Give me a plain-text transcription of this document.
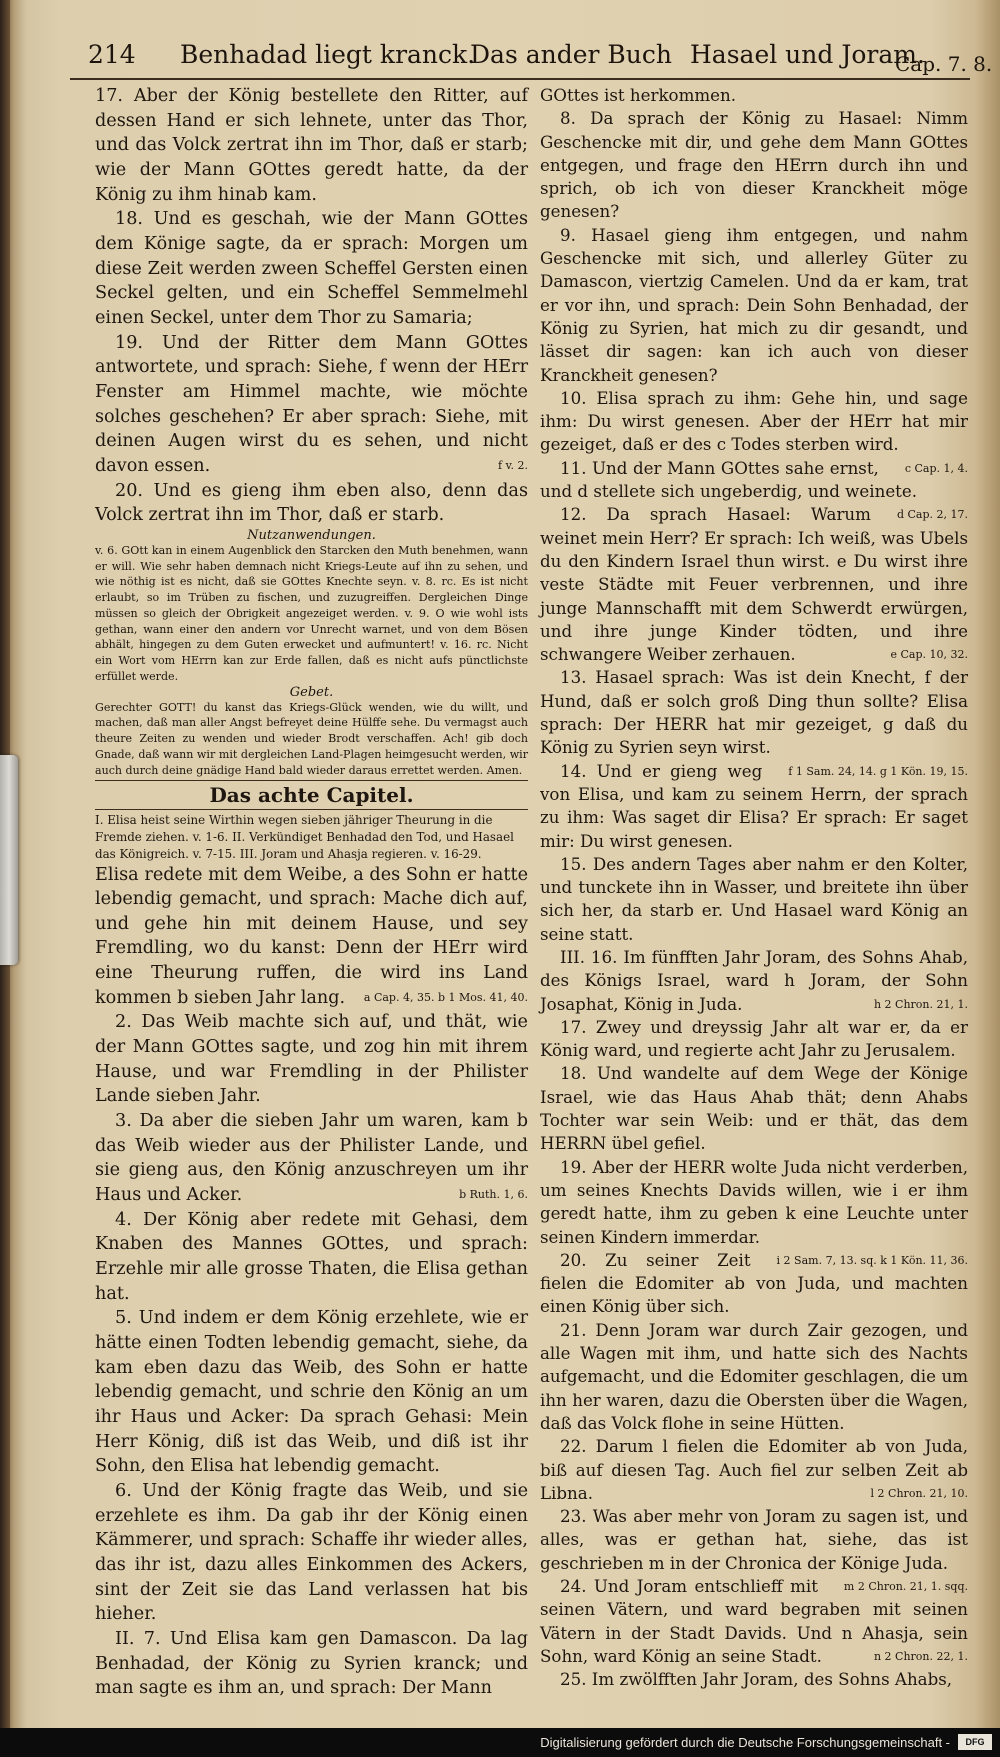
214 Benhadad liegt kranck.
Das ander Buch Hasael und Joram.
Cap. 7. 8.

17. Aber der König bestellete den Ritter, auf dessen Hand er sich lehnete, unter das Thor, und das Volck zertrat ihn im Thor, daß er starb; wie der Mann GOttes geredt hatte, da der König zu ihm hinab kam.

18. Und es geschah, wie der Mann GOttes dem Könige sagte, da er sprach: Morgen um diese Zeit werden zween Scheffel Gersten einen Seckel gelten, und ein Scheffel Semmelmehl einen Seckel, unter dem Thor zu Samaria;

19. Und der Ritter dem Mann GOttes antwortete, und sprach: Siehe, f wenn der HErr Fenster am Himmel machte, wie möchte solches geschehen? Er aber sprach: Siehe, mit deinen Augen wirst du es sehen, und nicht davon essen.	f v. 2.

20. Und es gieng ihm eben also, denn das Volck zertrat ihn im Thor, daß er starb.

Nutzanwendungen.

v. 6. GOtt kan in einem Augenblick den Starcken den Muth benehmen, wann er will. Wie sehr haben demnach nicht Kriegs-Leute auf ihn zu sehen, und wie nöthig ist es nicht, daß sie GOttes Knechte seyn. v. 8. rc. Es ist nicht erlaubt, so im Trüben zu fischen, und zuzugreiffen. Dergleichen Dinge müssen so gleich der Obrigkeit angezeiget werden. v. 9. O wie wohl ists gethan, wann einer den andern vor Unrecht warnet, und von dem Bösen abhält, hingegen zu dem Guten erwecket und aufmuntert! v. 16. rc. Nicht ein Wort vom HErrn kan zur Erde fallen, daß es nicht aufs pünctlichste erfüllet werde.

Gebet.

Gerechter GOTT! du kanst das Kriegs-Glück wenden, wie du willt, und machen, daß man aller Angst befreyet deine Hülffe sehe. Du vermagst auch theure Zeiten zu wenden und wieder Brodt verschaffen. Ach! gib doch Gnade, daß wann wir mit dergleichen Land-Plagen heimgesucht werden, wir auch durch deine gnädige Hand bald wieder daraus errettet werden. Amen.

Das achte Capitel.

I. Elisa heist seine Wirthin wegen sieben jähriger Theurung in die Fremde ziehen. v. 1-6. II. Verkündiget Benhadad den Tod, und Hasael das Königreich. v. 7-15. III. Joram und Ahasja regieren. v. 16-29.

Elisa redete mit dem Weibe, a des Sohn er hatte lebendig gemacht, und sprach: Mache dich auf, und gehe hin mit deinem Hause, und sey Fremdling, wo du kanst: Denn der HErr wird eine Theurung ruffen, die wird ins Land kommen b sieben Jahr lang. a Cap. 4, 35. b 1 Mos. 41, 40.

2. Das Weib machte sich auf, und thät, wie der Mann GOttes sagte, und zog hin mit ihrem Hause, und war Fremdling in der Philister Lande sieben Jahr.

3. Da aber die sieben Jahr um waren, kam b das Weib wieder aus der Philister Lande, und sie gieng aus, den König anzuschreyen um ihr Haus und Acker.	b Ruth. 1, 6.

4. Der König aber redete mit Gehasi, dem Knaben des Mannes GOttes, und sprach: Erzehle mir alle grosse Thaten, die Elisa gethan hat.

5. Und indem er dem König erzehlete, wie er hätte einen Todten lebendig gemacht, siehe, da kam eben dazu das Weib, des Sohn er hatte lebendig gemacht, und schrie den König an um ihr Haus und Acker: Da sprach Gehasi: Mein Herr König, diß ist das Weib, und diß ist ihr Sohn, den Elisa hat lebendig gemacht.

6. Und der König fragte das Weib, und sie erzehlete es ihm. Da gab ihr der König einen Kämmerer, und sprach: Schaffe ihr wieder alles, das ihr ist, dazu alles Einkommen des Ackers, sint der Zeit sie das Land verlassen hat bis hieher.

II. 7. Und Elisa kam gen Damascon. Da lag Benhadad, der König zu Syrien kranck; und man sagte es ihm an, und sprach: Der Mann

GOttes ist herkommen.

8. Da sprach der König zu Hasael: Nimm Geschencke mit dir, und gehe dem Mann GOttes entgegen, und frage den HErrn durch ihn und sprich, ob ich von dieser Kranckheit möge genesen?

9. Hasael gieng ihm entgegen, und nahm Geschencke mit sich, und allerley Güter zu Damascon, viertzig Camelen. Und da er kam, trat er vor ihn, und sprach: Dein Sohn Benhadad, der König zu Syrien, hat mich zu dir gesandt, und lässet dir sagen: kan ich auch von dieser Kranckheit genesen?

10. Elisa sprach zu ihm: Gehe hin, und sage ihm: Du wirst genesen. Aber der HErr hat mir gezeiget, daß er des c Todes sterben wird.
c Cap. 1, 4.

11. Und der Mann GOttes sahe ernst, und d stellete sich ungeberdig, und weinete.
d Cap. 2, 17.

12. Da sprach Hasael: Warum weinet mein Herr? Er sprach: Ich weiß, was Ubels du den Kindern Israel thun wirst. e Du wirst ihre veste Städte mit Feuer verbrennen, und ihre junge Mannschafft mit dem Schwerdt erwürgen, und ihre junge Kinder tödten, und ihre schwangere Weiber zerhauen.	e Cap. 10, 32.

13. Hasael sprach: Was ist dein Knecht, f der Hund, daß er solch groß Ding thun sollte? Elisa sprach: Der HERR hat mir gezeiget, g daß du König zu Syrien seyn wirst.
f 1 Sam. 24, 14. g 1 Kön. 19, 15.

14. Und er gieng weg von Elisa, und kam zu seinem Herrn, der sprach zu ihm: Was saget dir Elisa? Er sprach: Er saget mir: Du wirst genesen.

15. Des andern Tages aber nahm er den Kolter, und tunckete ihn in Wasser, und breitete ihn über sich her, da starb er. Und Hasael ward König an seine statt.

III. 16. Im fünfften Jahr Joram, des Sohns Ahab, des Königs Israel, ward h Joram, der Sohn Josaphat, König in Juda.	h 2 Chron. 21, 1.

17. Zwey und dreyssig Jahr alt war er, da er König ward, und regierte acht Jahr zu Jerusalem.

18. Und wandelte auf dem Wege der Könige Israel, wie das Haus Ahab thät; denn Ahabs Tochter war sein Weib: und er thät, das dem HERRN übel gefiel.

19. Aber der HERR wolte Juda nicht verderben, um seines Knechts Davids willen, wie i er ihm geredt hatte, ihm zu geben k eine Leuchte unter seinen Kindern immerdar.
i 2 Sam. 7, 13. sq. k 1 Kön. 11, 36.

20. Zu seiner Zeit fielen die Edomiter ab von Juda, und machten einen König über sich.

21. Denn Joram war durch Zair gezogen, und alle Wagen mit ihm, und hatte sich des Nachts aufgemacht, und die Edomiter geschlagen, die um ihn her waren, dazu die Obersten über die Wagen, daß das Volck flohe in seine Hütten.

22. Darum l fielen die Edomiter ab von Juda, biß auf diesen Tag. Auch fiel zur selben Zeit ab Libna.	l 2 Chron. 21, 10.

23. Was aber mehr von Joram zu sagen ist, und alles, was er gethan hat, siehe, das ist geschrieben m in der Chronica der Könige Juda.
m 2 Chron. 21, 1. sqq.

24. Und Joram entschlieff mit seinen Vätern, und ward begraben mit seinen Vätern in der Stadt Davids. Und n Ahasja, sein Sohn, ward König an seine Stadt.	n 2 Chron. 22, 1.

25. Im zwölfften Jahr Joram, des Sohns Ahabs,

Digitalisierung gefördert durch die Deutsche Forschungsgemeinschaft -	DFG
